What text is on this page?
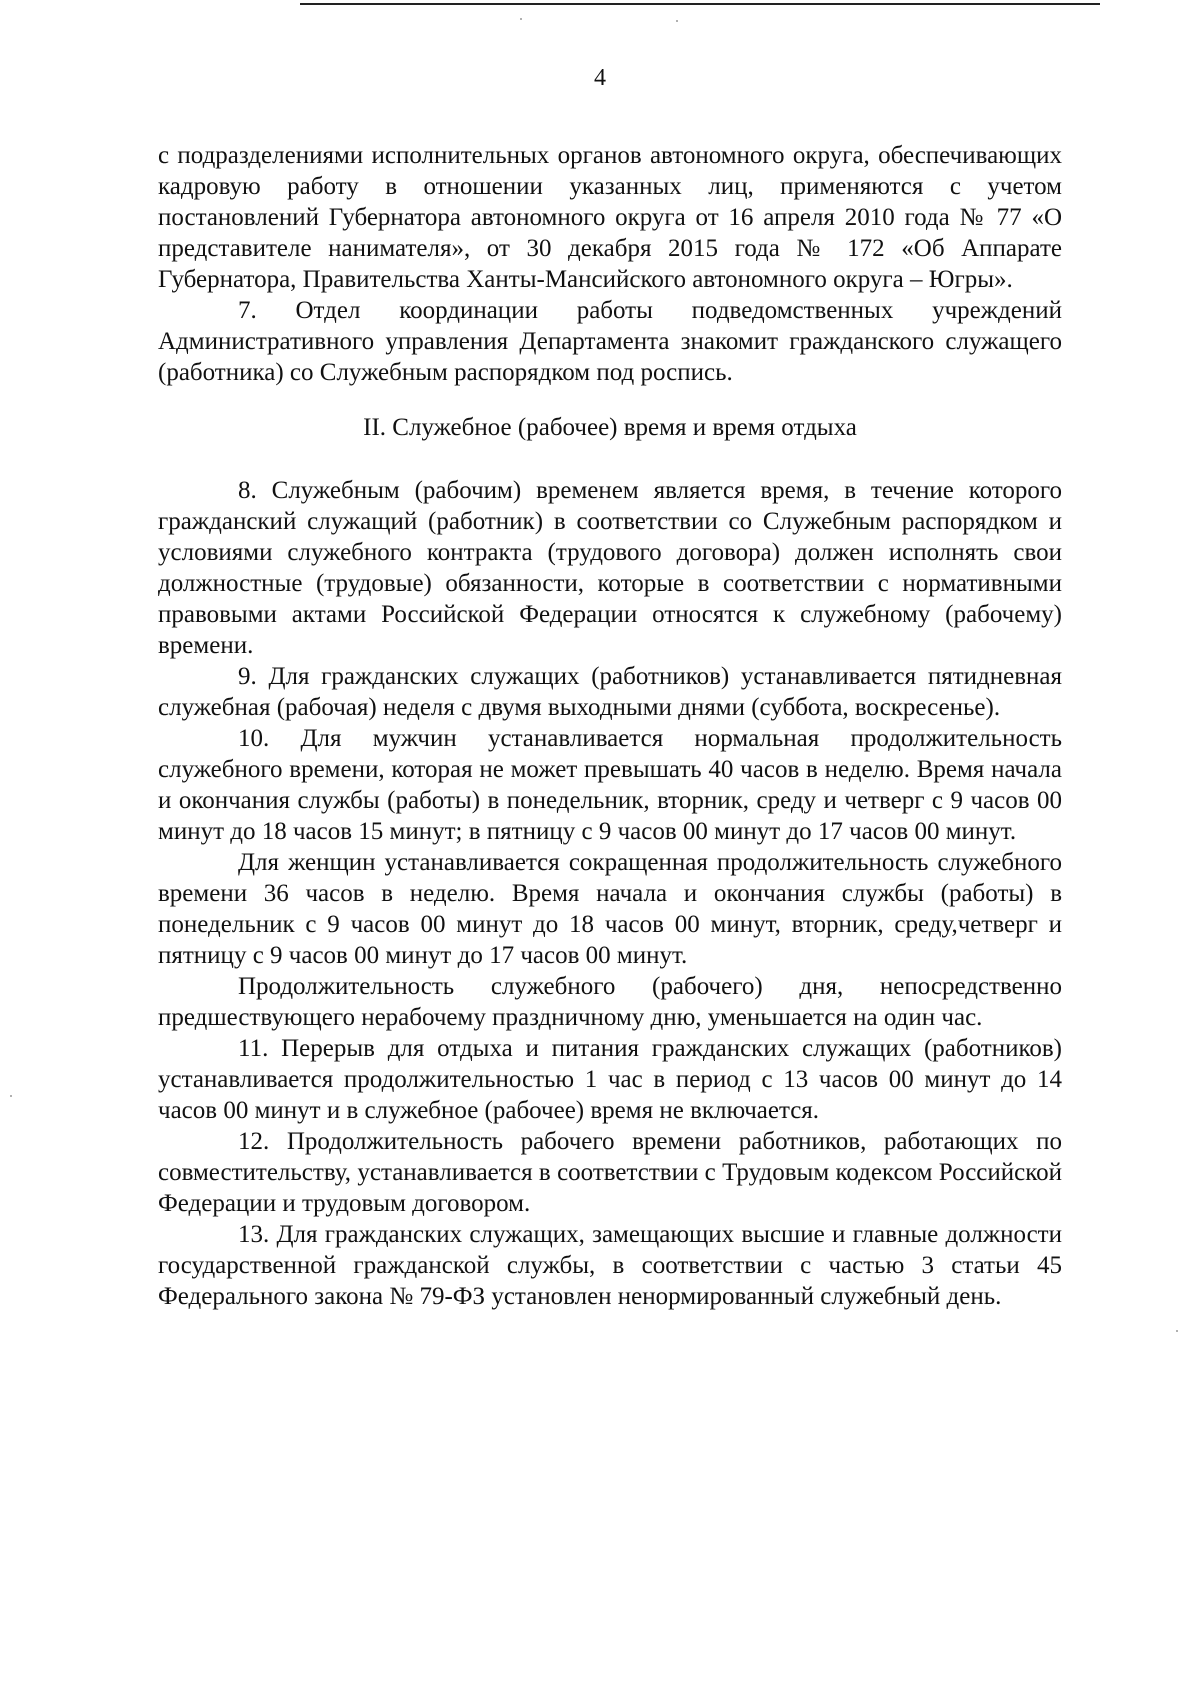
4

с подразделениями исполнительных органов автономного округа, обеспечивающих кадровую работу в отношении указанных лиц, применяются с учетом постановлений Губернатора автономного округа от 16 апреля 2010 года № 77 «О представителе нанимателя», от 30 декабря 2015 года № 172 «Об Аппарате Губернатора, Правительства Ханты-Мансийского автономного округа – Югры».

7. Отдел координации работы подведомственных учреждений Административного управления Департамента знакомит гражданского служащего (работника) со Служебным распорядком под роспись.

II. Служебное (рабочее) время и время отдыха

8. Служебным (рабочим) временем является время, в течение которого гражданский служащий (работник) в соответствии со Служебным распорядком и условиями служебного контракта (трудового договора) должен исполнять свои должностные (трудовые) обязанности, которые в соответствии с нормативными правовыми актами Российской Федерации относятся к служебному (рабочему) времени.

9. Для гражданских служащих (работников) устанавливается пятидневная служебная (рабочая) неделя с двумя выходными днями (суббота, воскресенье).

10. Для мужчин устанавливается нормальная продолжительность служебного времени, которая не может превышать 40 часов в неделю. Время начала и окончания службы (работы) в понедельник, вторник, среду и четверг с 9 часов 00 минут до 18 часов 15 минут; в пятницу с 9 часов 00 минут до 17 часов 00 минут.

Для женщин устанавливается сокращенная продолжительность служебного времени 36 часов в неделю. Время начала и окончания службы (работы) в понедельник с 9 часов 00 минут до 18 часов 00 минут, вторник, среду,четверг и пятницу с 9 часов 00 минут до 17 часов 00 минут.

Продолжительность служебного (рабочего) дня, непосредственно предшествующего нерабочему праздничному дню, уменьшается на один час.

11. Перерыв для отдыха и питания гражданских служащих (работников) устанавливается продолжительностью 1 час в период с 13 часов 00 минут до 14 часов 00 минут и в служебное (рабочее) время не включается.

12. Продолжительность рабочего времени работников, работающих по совместительству, устанавливается в соответствии с Трудовым кодексом Российской Федерации и трудовым договором.

13. Для гражданских служащих, замещающих высшие и главные должности государственной гражданской службы, в соответствии с частью 3 статьи 45 Федерального закона № 79-ФЗ установлен ненормированный служебный день.
